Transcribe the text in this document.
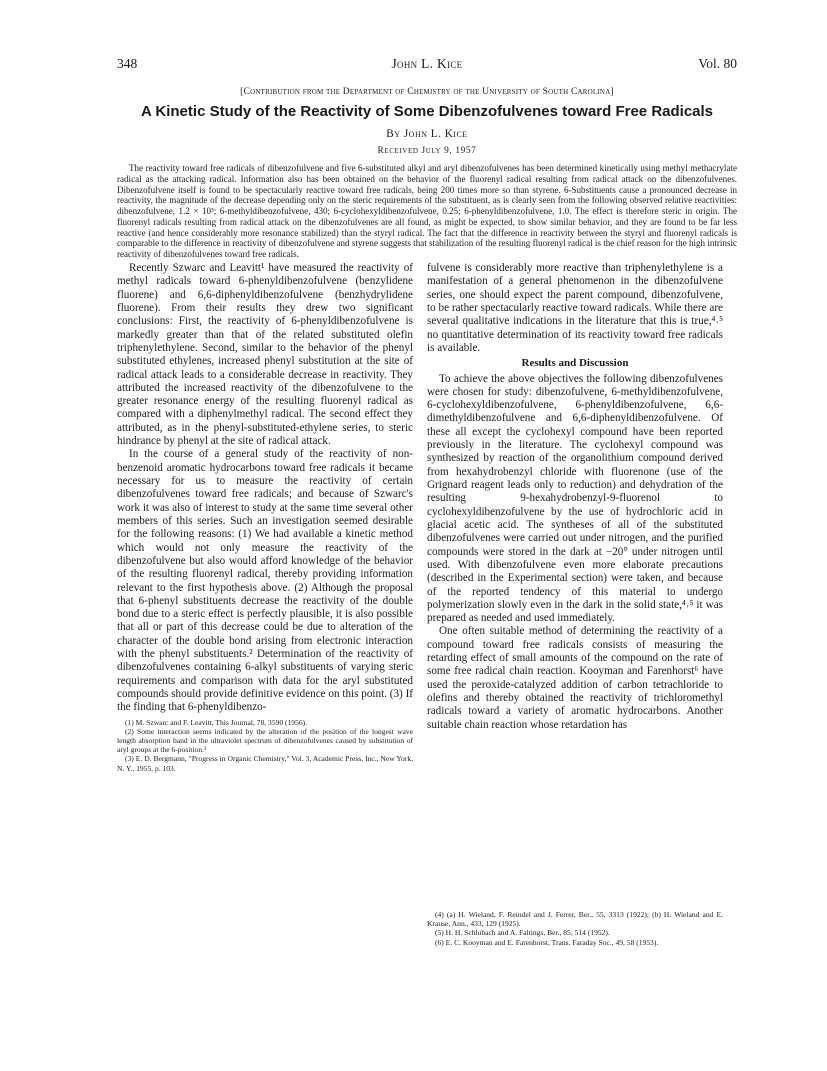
348	John L. Kice	Vol. 80
[Contribution from the Department of Chemistry of the University of South Carolina]
A Kinetic Study of the Reactivity of Some Dibenzofulvenes toward Free Radicals
By John L. Kice
Received July 9, 1957
The reactivity toward free radicals of dibenzofulvene and five 6-substituted alkyl and aryl dibenzofulvenes has been determined kinetically using methyl methacrylate radical as the attacking radical. Information also has been obtained on the behavior of the fluorenyl radical resulting from radical attack on the dibenzofulvenes. Dibenzofulvene itself is found to be spectacularly reactive toward free radicals, being 200 times more so than styrene. 6-Substituents cause a pronounced decrease in reactivity, the magnitude of the decrease depending only on the steric requirements of the substituent, as is clearly seen from the following observed relative reactivities: dibenzofulvene, 1.2 × 10³; 6-methyldibenzofulvene, 430; 6-cyclohexyldibenzofulvene, 0.25; 6-phenyldibenzofulvene, 1.0. The effect is therefore steric in origin. The fluorenyl radicals resulting from radical attack on the dibenzofulvenes are all found, as might be expected, to show similar behavior, and they are found to be far less reactive (and hence considerably more resonance stabilized) than the styryl radical. The fact that the difference in reactivity between the styryl and fluorenyl radicals is comparable to the difference in reactivity of dibenzofulvene and styrene suggests that stabilization of the resulting fluorenyl radical is the chief reason for the high intrinsic reactivity of dibenzofulvenes toward free radicals.

Recently Szwarc and Leavitt¹ have measured the reactivity of methyl radicals toward 6-phenyldibenzofulvene (benzylidene fluorene) and 6,6-diphenyldibenzofulvene (benzhydrylidene fluorene). From their results they drew two significant conclusions: First, the reactivity of 6-phenyldibenzofulvene is markedly greater than that of the related substituted olefin triphenylethylene. Second, similar to the behavior of the phenyl substituted ethylenes, increased phenyl substitution at the site of radical attack leads to a considerable decrease in reactivity. They attributed the increased reactivity of the dibenzofulvene to the greater resonance energy of the resulting fluorenyl radical as compared with a diphenylmethyl radical. The second effect they attributed, as in the phenyl-substituted-ethylene series, to steric hindrance by phenyl at the site of radical attack.

In the course of a general study of the reactivity of non-benzenoid aromatic hydrocarbons toward free radicals it became necessary for us to measure the reactivity of certain dibenzofulvenes toward free radicals; and because of Szwarc's work it was also of interest to study at the same time several other members of this series. Such an investigation seemed desirable for the following reasons: (1) We had available a kinetic method which would not only measure the reactivity of the dibenzofulvene but also would afford knowledge of the behavior of the resulting fluorenyl radical, thereby providing information relevant to the first hypothesis above. (2) Although the proposal that 6-phenyl substituents decrease the reactivity of the double bond due to a steric effect is perfectly plausible, it is also possible that all or part of this decrease could be due to alteration of the character of the double bond arising from electronic interaction with the phenyl substituents.² Determination of the reactivity of dibenzofulvenes containing 6-alkyl substituents of varying steric requirements and comparison with data for the aryl substituted compounds should provide definitive evidence on this point. (3) If the finding that 6-phenyldibenzo-

(1) M. Szwarc and F. Leavitt, This Journal, 78, 3590 (1956).

(2) Some interaction seems indicated by the alteration of the position of the longest wave length absorption band in the ultraviolet spectrum of dibenzofulvenes caused by substitution of aryl groups at the 6-position.³

(3) E. D. Bergmann, "Progress in Organic Chemistry," Vol. 3, Academic Press, Inc., New York, N. Y., 1955, p. 103.

fulvene is considerably more reactive than triphenylethylene is a manifestation of a general phenomenon in the dibenzofulvene series, one should expect the parent compound, dibenzofulvene, to be rather spectacularly reactive toward radicals. While there are several qualitative indications in the literature that this is true,⁴˒⁵ no quantitative determination of its reactivity toward free radicals is available.

Results and Discussion

To achieve the above objectives the following dibenzofulvenes were chosen for study: dibenzofulvene, 6-methyldibenzofulvene, 6-cyclohexyldibenzofulvene, 6-phenyldibenzofulvene, 6,6-dimethyldibenzofulvene and 6,6-diphenyldibenzofulvene. Of these all except the cyclohexyl compound have been reported previously in the literature. The cyclohexyl compound was synthesized by reaction of the organolithium compound derived from hexahydrobenzyl chloride with fluorenone (use of the Grignard reagent leads only to reduction) and dehydration of the resulting 9-hexahydrobenzyl-9-fluorenol to cyclohexyldibenzofulvene by the use of hydrochloric acid in glacial acetic acid. The syntheses of all of the substituted dibenzofulvenes were carried out under nitrogen, and the purified compounds were stored in the dark at −20° under nitrogen until used. With dibenzofulvene even more elaborate precautions (described in the Experimental section) were taken, and because of the reported tendency of this material to undergo polymerization slowly even in the dark in the solid state,⁴˒⁵ it was prepared as needed and used immediately.

One often suitable method of determining the reactivity of a compound toward free radicals consists of measuring the retarding effect of small amounts of the compound on the rate of some free radical chain reaction. Kooyman and Farenhorst⁶ have used the peroxide-catalyzed addition of carbon tetrachloride to olefins and thereby obtained the reactivity of trichloromethyl radicals toward a variety of aromatic hydrocarbons. Another suitable chain reaction whose retardation has

(4) (a) H. Wieland, F. Reindel and J. Ferrer, Ber., 55, 3313 (1922); (b) H. Wieland and E. Krause, Ann., 433, 129 (1925).

(5) H. H. Schlubach and A. Faltings, Ber., 85, 514 (1952).

(6) E. C. Kooyman and E. Farenhorst, Trans. Faraday Soc., 49, 58 (1953).
